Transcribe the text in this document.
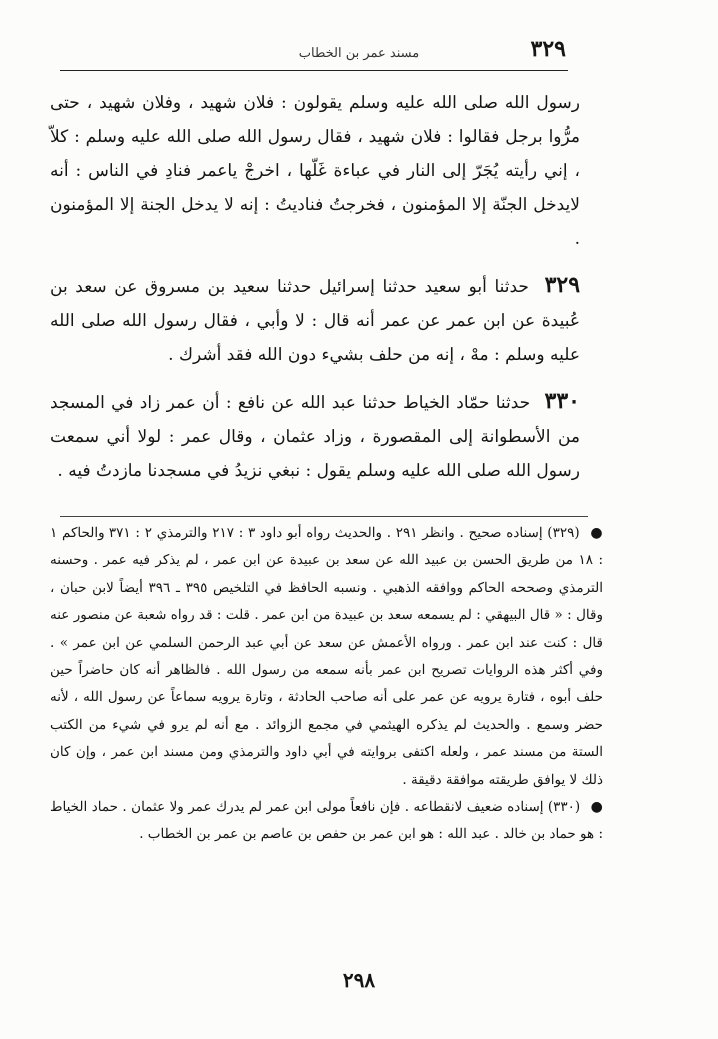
٣٢٩
مسند عمر بن الخطاب

رسول الله صلى الله عليه وسلم يقولون : فلان شهيد ، وفلان شهيد ، حتى مرُّوا برجل فقالوا : فلان شهيد ، فقال رسول الله صلى الله عليه وسلم : كلاّ ، إني رأيته يُجَرّ إلى النار في عباءة غَلّها ، اخرجْ ياعمر فنادِ في الناس : أنه لايدخل الجنّة إلا المؤمنون ، فخرجتُ فناديتُ : إنه لا يدخل الجنة إلا المؤمنون .

٣٢٩ حدثنا أبو سعيد حدثنا إسرائيل حدثنا سعيد بن مسروق عن سعد بن عُبيدة عن ابن عمر عن عمر أنه قال : لا وأبي ، فقال رسول الله صلى الله عليه وسلم : مهْ ، إنه من حلف بشيء دون الله فقد أشرك .

٣٣٠ حدثنا حمّاد الخياط حدثنا عبد الله عن نافع : أن عمر زاد في المسجد من الأسطوانة إلى المقصورة ، وزاد عثمان ، وقال عمر : لولا أني سمعت رسول الله صلى الله عليه وسلم يقول : نبغي نزيدُ في مسجدنا مازدتُ فيه .

● (٣٢٩) إسناده صحيح . وانظر ٢٩١ . والحديث رواه أبو داود ٣ : ٢١٧ والترمذي ٢ : ٣٧١ والحاكم ١ : ١٨ من طريق الحسن بن عبيد الله عن سعد بن عبيدة عن ابن عمر ، لم يذكر فيه عمر . وحسنه الترمذي وصححه الحاكم ووافقه الذهبي . ونسبه الحافظ في التلخيص ٣٩٥ ـ ٣٩٦ أيضاً لابن حبان ، وقال : « قال البيهقي : لم يسمعه سعد بن عبيدة من ابن عمر . قلت : قد رواه شعبة عن منصور عنه قال : كنت عند ابن عمر . ورواه الأعمش عن سعد عن أبي عبد الرحمن السلمي عن ابن عمر » . وفي أكثر هذه الروايات تصريح ابن عمر بأنه سمعه من رسول الله . فالظاهر أنه كان حاضراً حين حلف أبوه ، فتارة يرويه عن عمر على أنه صاحب الحادثة ، وتارة يرويه سماعاً عن رسول الله ، لأنه حضر وسمع . والحديث لم يذكره الهيثمي في مجمع الزوائد . مع أنه لم يرو في شيء من الكتب الستة من مسند عمر ، ولعله اكتفى بروايته في أبي داود والترمذي ومن مسند ابن عمر ، وإن كان ذلك لا يوافق طريقته موافقة دقيقة .

● (٣٣٠) إسناده ضعيف لانقطاعه . فإن نافعاً مولى ابن عمر لم يدرك عمر ولا عثمان . حماد الخياط : هو حماد بن خالد . عبد الله : هو ابن عمر بن حفص بن عاصم بن عمر بن الخطاب .

٢٩٨
